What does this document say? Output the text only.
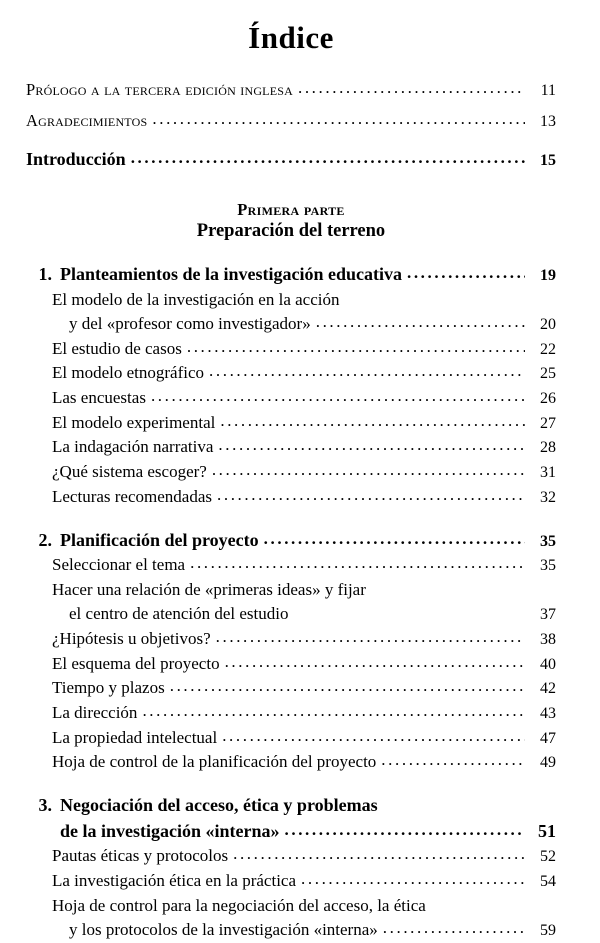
Índice
Prólogo a la tercera edición inglesa .....	11
Agradecimientos .....	13
Introducción .....	15
Primera parte
Preparación del terreno
1. Planteamientos de la investigación educativa .....	19
El modelo de la investigación en la acción
y del «profesor como investigador» .....	20
El estudio de casos .....	22
El modelo etnográfico .....	25
Las encuestas .....	26
El modelo experimental .....	27
La indagación narrativa .....	28
¿Qué sistema escoger? .....	31
Lecturas recomendadas .....	32
2. Planificación del proyecto .....	35
Seleccionar el tema .....	35
Hacer una relación de «primeras ideas» y fijar
el centro de atención del estudio	37
¿Hipótesis u objetivos? .....	38
El esquema del proyecto .....	40
Tiempo y plazos .....	42
La dirección .....	43
La propiedad intelectual .....	47
Hoja de control de la planificación del proyecto .....	49
3. Negociación del acceso, ética y problemas
de la investigación «interna» .....	51
Pautas éticas y protocolos .....	52
La investigación ética en la práctica .....	54
Hoja de control para la negociación del acceso, la ética
y los protocolos de la investigación «interna» .....	59
